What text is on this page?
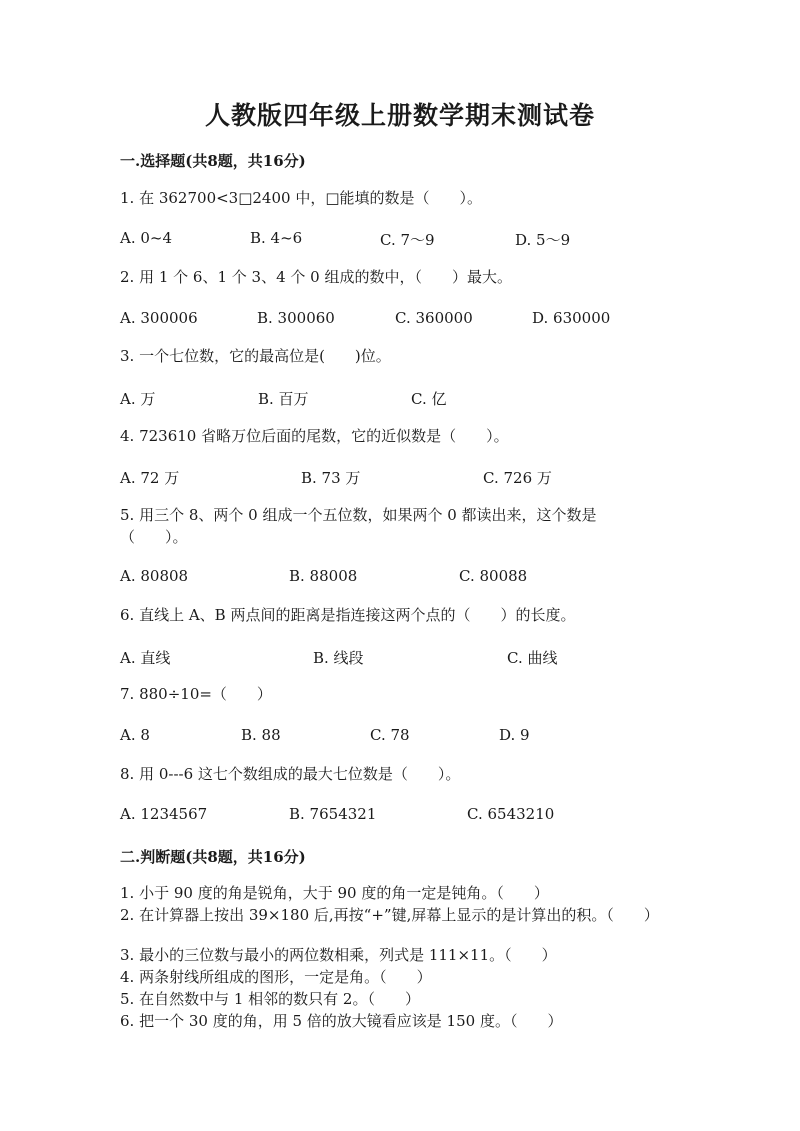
人教版四年级上册数学期末测试卷
一.选择题(共8题，共16分)
1. 在 362700<3□2400 中，□能填的数是（　　）。
A. 0~4	B. 4~6	C. 7～9	D. 5～9
2. 用 1 个 6、1 个 3、4 个 0 组成的数中，（　　）最大。
A. 300006	B. 300060	C. 360000	D. 630000
3. 一个七位数，它的最高位是(　　)位。
A. 万	B. 百万	C. 亿
4. 723610 省略万位后面的尾数，它的近似数是（　　）。
A. 72 万	B. 73 万	C. 726 万
5. 用三个 8、两个 0 组成一个五位数，如果两个 0 都读出来，这个数是（　　）。
A. 80808	B. 88008	C. 80088
6. 直线上 A、B 两点间的距离是指连接这两个点的（　　）的长度。
A. 直线	B. 线段	C. 曲线
7. 880÷10=（　　）
A. 8	B. 88	C. 78	D. 9
8. 用 0---6 这七个数组成的最大七位数是（　　）。
A. 1234567	B. 7654321	C. 6543210
二.判断题(共8题，共16分)
1. 小于 90 度的角是锐角，大于 90 度的角一定是钝角。（　　）
2. 在计算器上按出 39×180 后,再按“+”键,屏幕上显示的是计算出的积。（　　）
3. 最小的三位数与最小的两位数相乘，列式是 111×11。（　　）
4. 两条射线所组成的图形，一定是角。（　　）
5. 在自然数中与 1 相邻的数只有 2。（　　）
6. 把一个 30 度的角，用 5 倍的放大镜看应该是 150 度。（　　）
